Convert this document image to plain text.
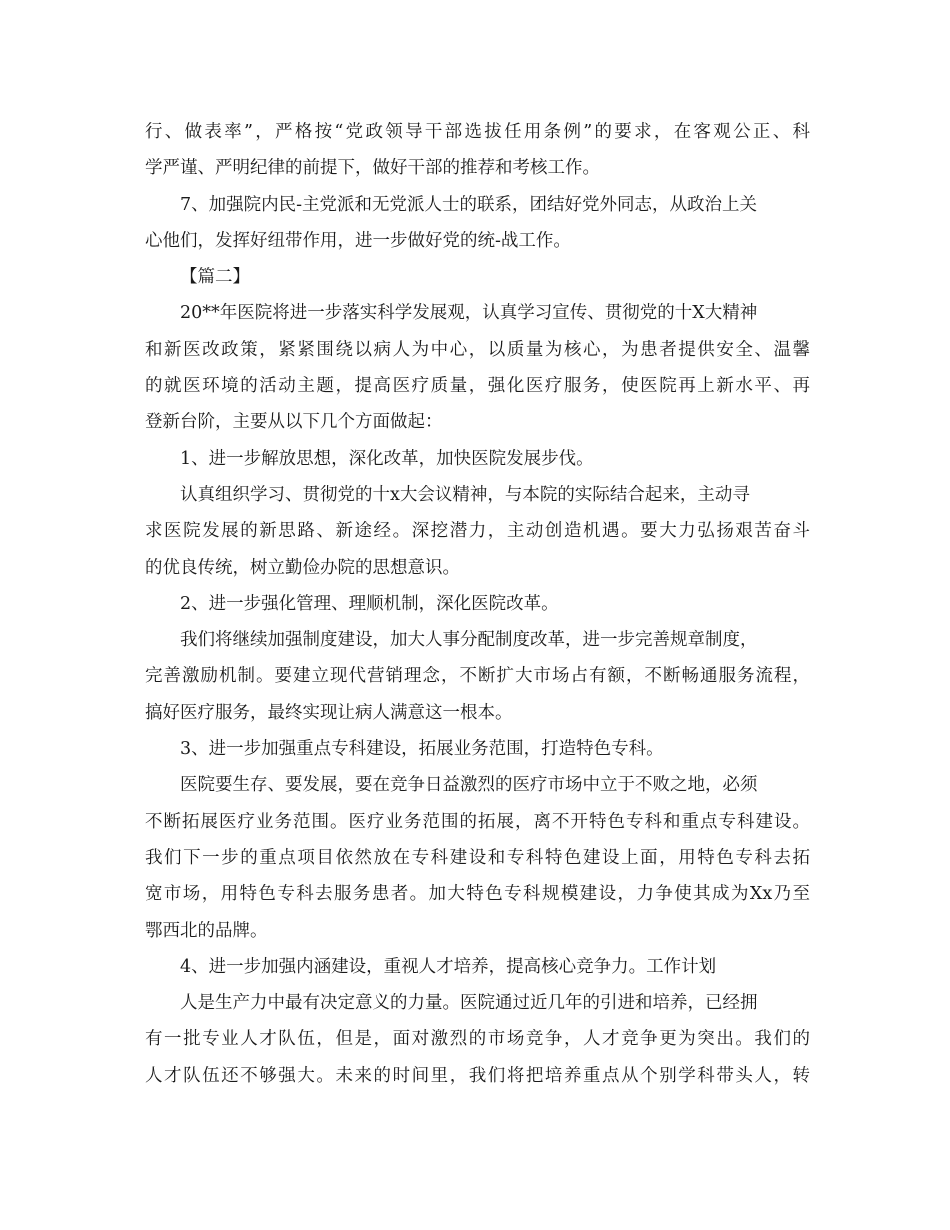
行、做表率”，严格按“党政领导干部选拔任用条例”的要求，在客观公正、科
学严谨、严明纪律的前提下，做好干部的推荐和考核工作。
7、加强院内民-主党派和无党派人士的联系，团结好党外同志，从政治上关
心他们，发挥好纽带作用，进一步做好党的统-战工作。
【篇二】
20**年医院将进一步落实科学发展观，认真学习宣传、贯彻党的十X大精神
和新医改政策，紧紧围绕以病人为中心，以质量为核心，为患者提供安全、温馨
的就医环境的活动主题，提高医疗质量，强化医疗服务，使医院再上新水平、再
登新台阶，主要从以下几个方面做起：
1、进一步解放思想，深化改革，加快医院发展步伐。
认真组织学习、贯彻党的十x大会议精神，与本院的实际结合起来，主动寻
求医院发展的新思路、新途经。深挖潜力，主动创造机遇。要大力弘扬艰苦奋斗
的优良传统，树立勤俭办院的思想意识。
2、进一步强化管理、理顺机制，深化医院改革。
我们将继续加强制度建设，加大人事分配制度改革，进一步完善规章制度，
完善激励机制。要建立现代营销理念，不断扩大市场占有额，不断畅通服务流程，
搞好医疗服务，最终实现让病人满意这一根本。
3、进一步加强重点专科建设，拓展业务范围，打造特色专科。
医院要生存、要发展，要在竞争日益激烈的医疗市场中立于不败之地，必须
不断拓展医疗业务范围。医疗业务范围的拓展，离不开特色专科和重点专科建设。
我们下一步的重点项目依然放在专科建设和专科特色建设上面，用特色专科去拓
宽市场，用特色专科去服务患者。加大特色专科规模建设，力争使其成为Xx乃至
鄂西北的品牌。
4、进一步加强内涵建设，重视人才培养，提高核心竞争力。工作计划
人是生产力中最有决定意义的力量。医院通过近几年的引进和培养，已经拥
有一批专业人才队伍，但是，面对激烈的市场竞争，人才竞争更为突出。我们的
人才队伍还不够强大。未来的时间里，我们将把培养重点从个别学科带头人，转
